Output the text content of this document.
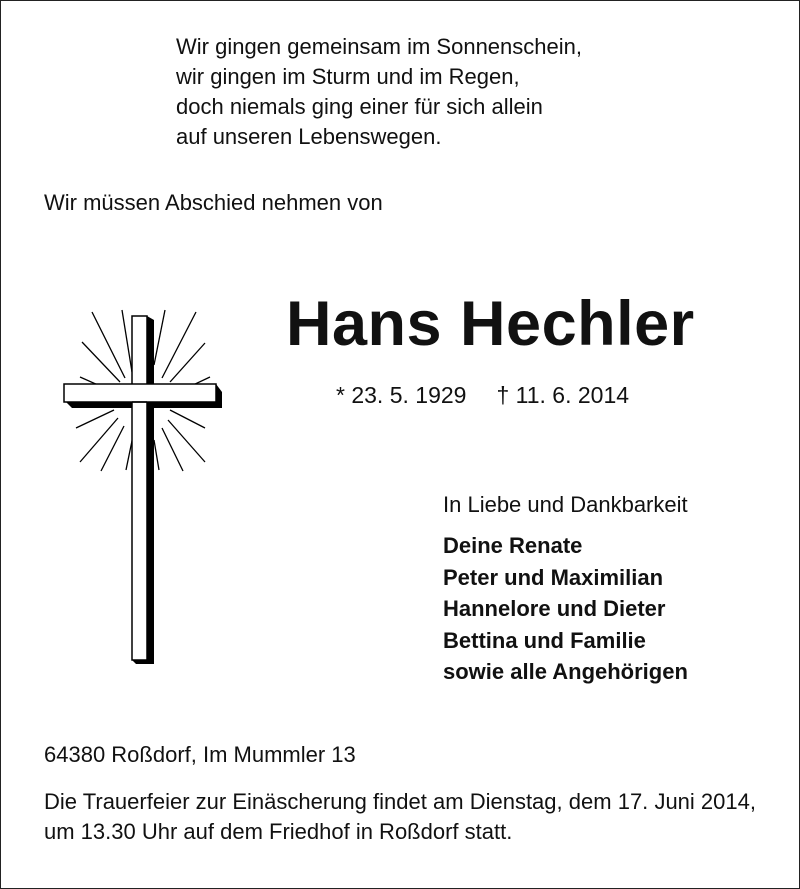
Wir gingen gemeinsam im Sonnenschein,
wir gingen im Sturm und im Regen,
doch niemals ging einer für sich allein
auf unseren Lebenswegen.
Wir müssen Abschied nehmen von
Hans Hechler
* 23. 5. 1929 † 11. 6. 2014
In Liebe und Dankbarkeit
Deine Renate
Peter und Maximilian
Hannelore und Dieter
Bettina und Familie
sowie alle Angehörigen
64380 Roßdorf, Im Mummler 13
Die Trauerfeier zur Einäscherung findet am Dienstag, dem 17. Juni 2014, um 13.30 Uhr auf dem Friedhof in Roßdorf statt.
